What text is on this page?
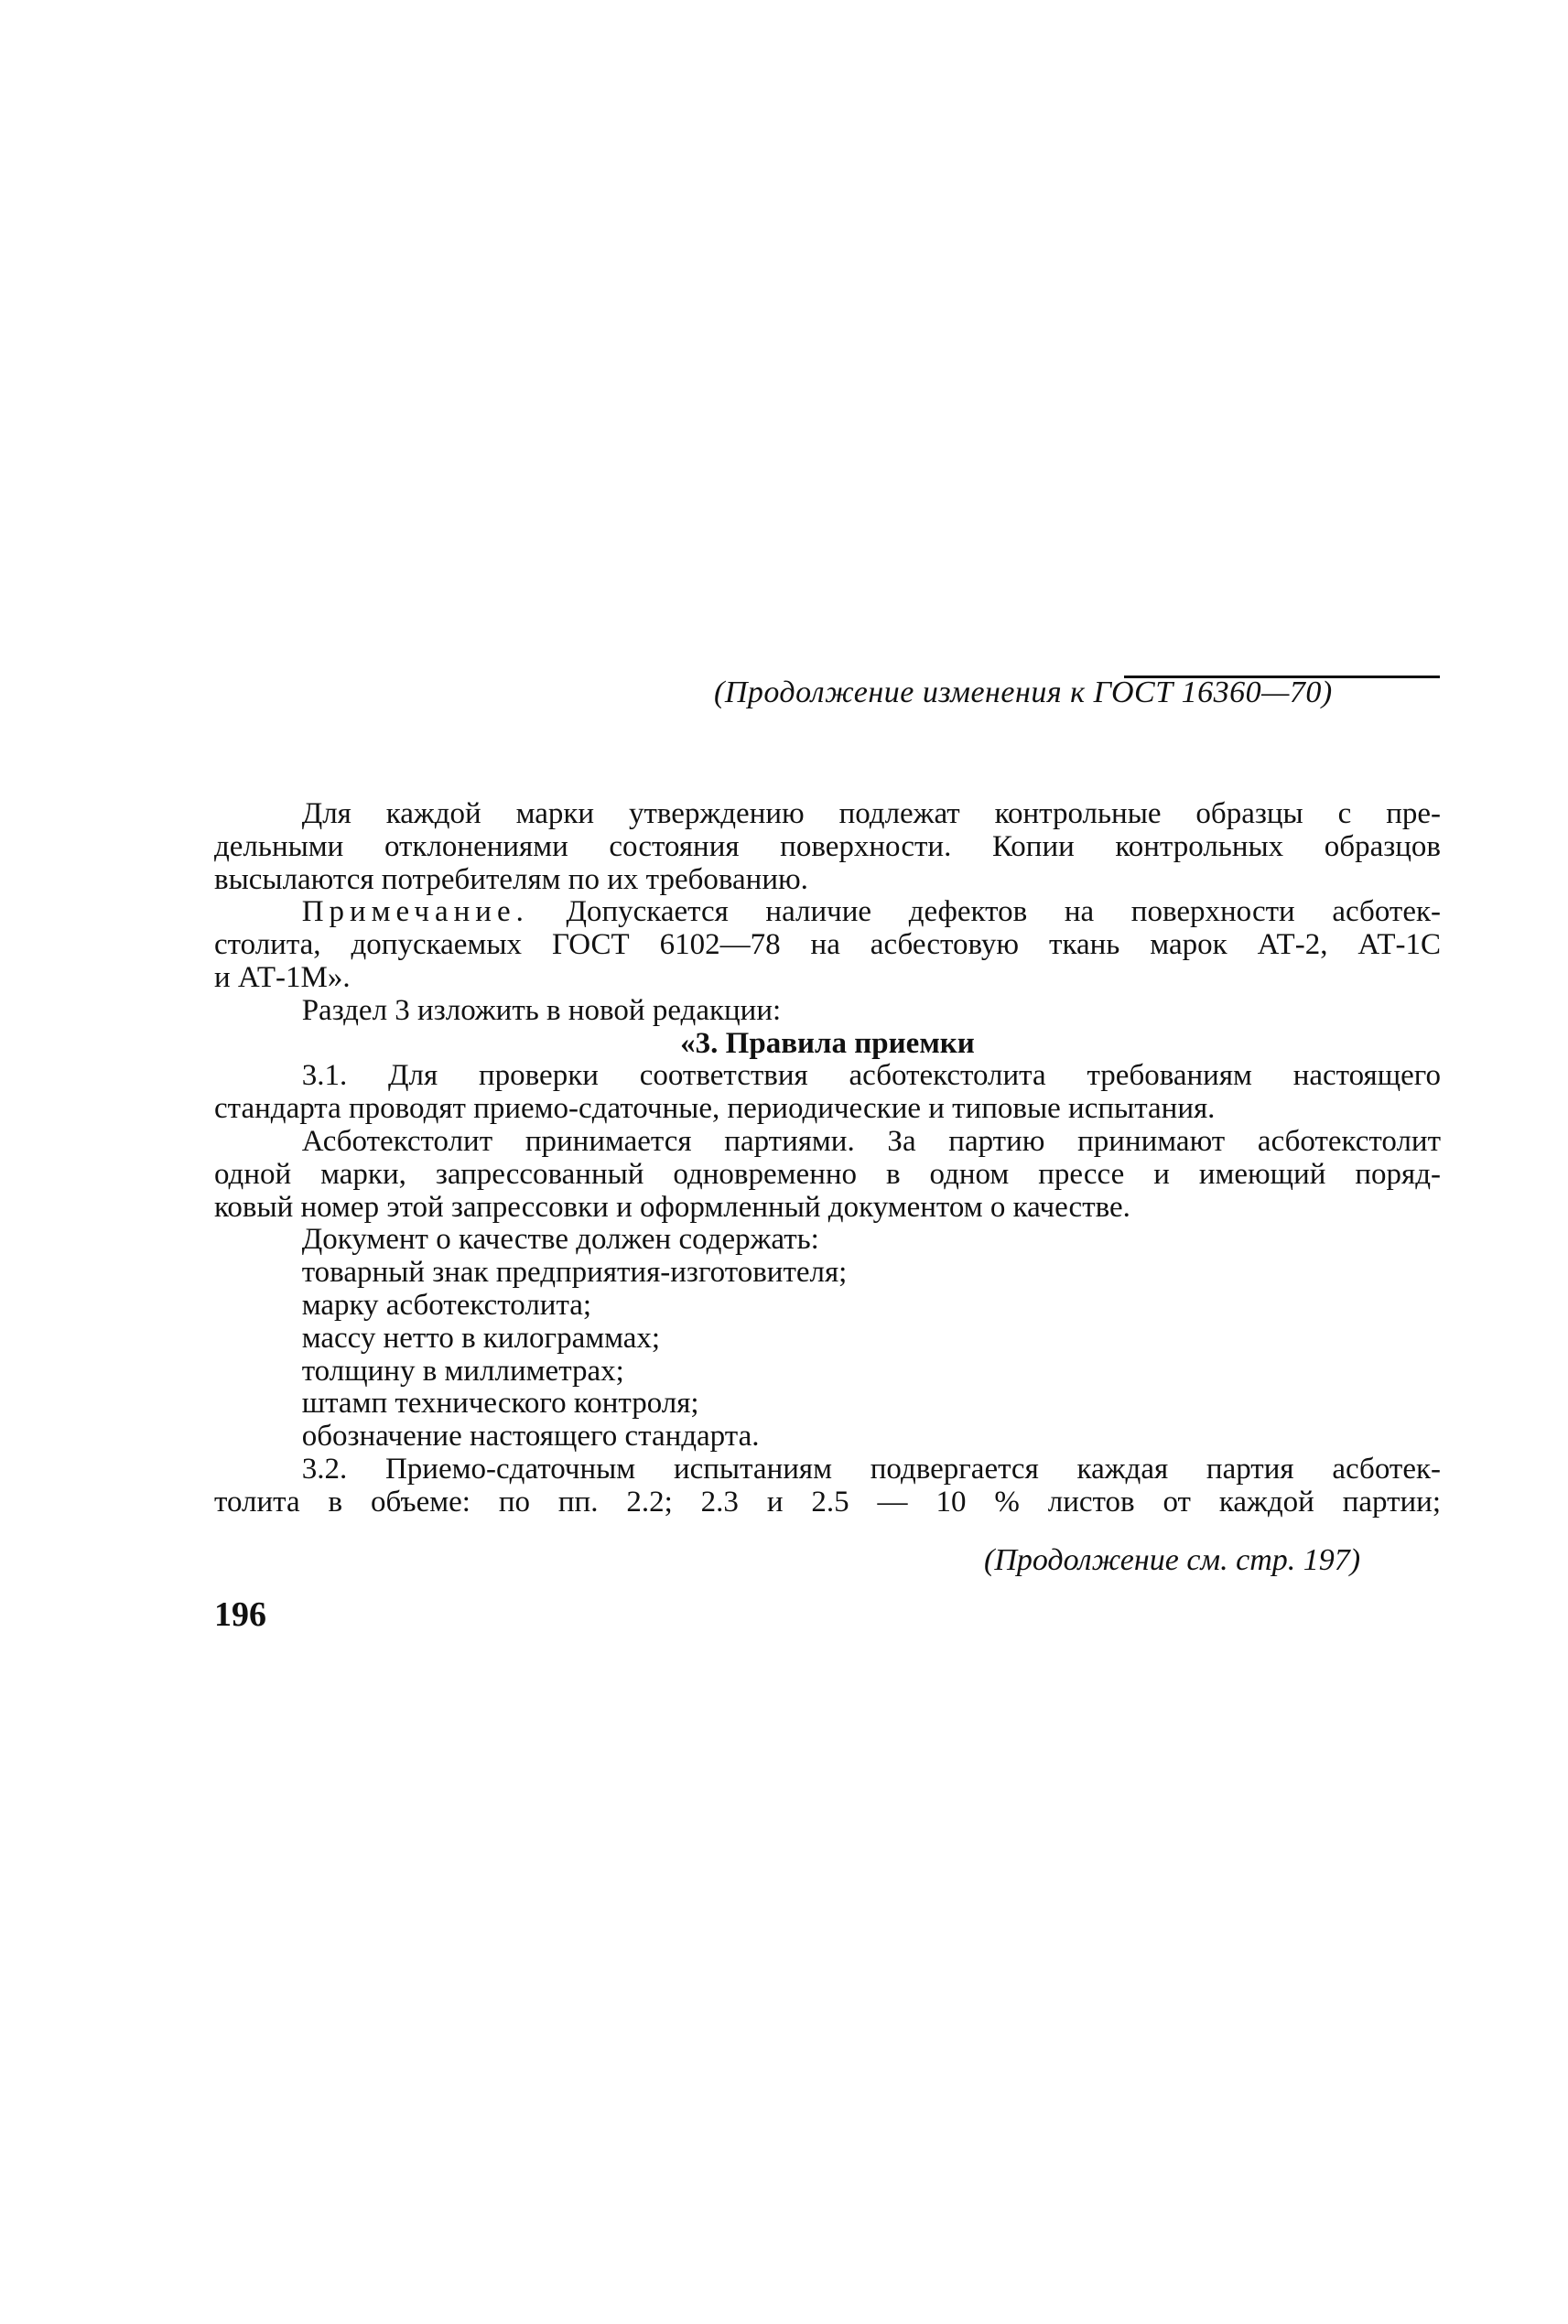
(Продолжение изменения к ГОСТ 16360—70)
Для каждой марки утверждению подлежат контрольные образцы с пре-
дельными отклонениями состояния поверхности. Копии контрольных образцов
высылаются потребителям по их требованию.
Примечание. Допускается наличие дефектов на поверхности асботек-
столита, допускаемых ГОСТ 6102—78 на асбестовую ткань марок АТ-2, АТ-1С
и АТ-1М».
Раздел 3 изложить в новой редакции:
«3. Правила приемки
3.1. Для проверки соответствия асботекстолита требованиям настоящего
стандарта проводят приемо-сдаточные, периодические и типовые испытания.
Асботекстолит принимается партиями. За партию принимают асботекстолит
одной марки, запрессованный одновременно в одном прессе и имеющий поряд-
ковый номер этой запрессовки и оформленный документом о качестве.
Документ о качестве должен содержать:
товарный знак предприятия-изготовителя;
марку асботекстолита;
массу нетто в килограммах;
толщину в миллиметрах;
штамп технического контроля;
обозначение настоящего стандарта.
3.2. Приемо-сдаточным испытаниям подвергается каждая партия асботек-
толита в объеме: по пп. 2.2; 2.3 и 2.5 — 10 % листов от каждой партии;
(Продолжение см. стр. 197)
196
